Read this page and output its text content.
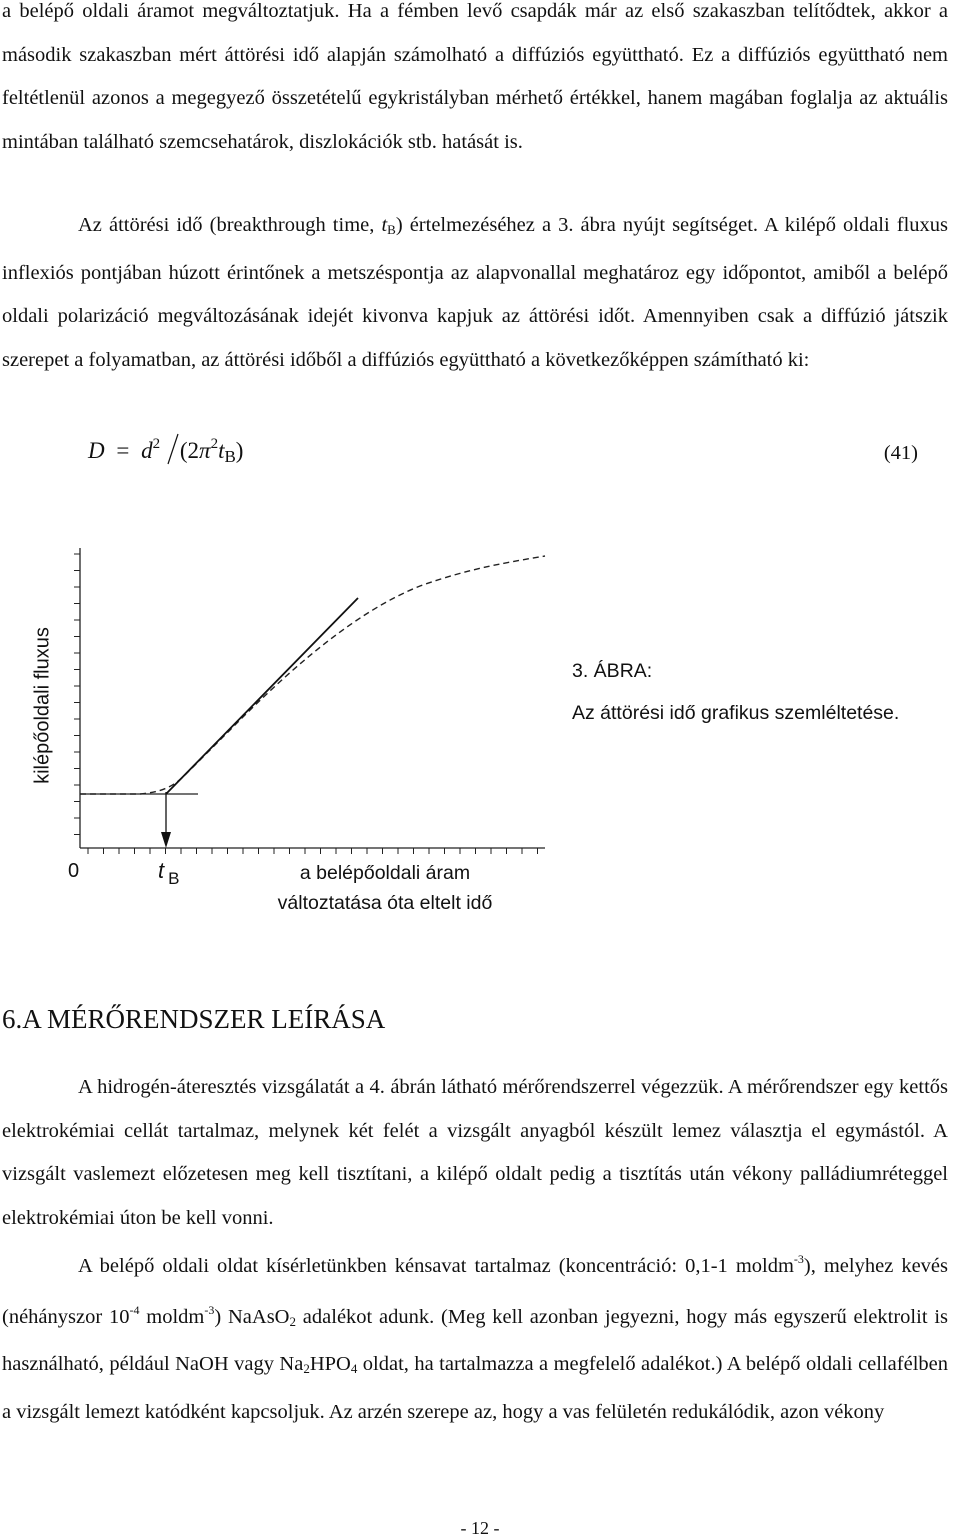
a belépő oldali áramot megváltoztatjuk. Ha a fémben levő csapdák már az első szakaszban telítődtek, akkor a második szakaszban mért áttörési idő alapján számolható a diffúziós együttható. Ez a diffúziós együttható nem feltétlenül azonos a megegyező összetételű egykristályban mérhető értékkel, hanem magában foglalja az aktuális mintában található szemcsehatárok, diszlokációk stb. hatását is.

Az áttörési idő (breakthrough time, $t_B$) értelmezéséhez a 3. ábra nyújt segítséget. A kilépő oldali fluxus inflexiós pontjában húzott érintőnek a metszéspontja az alapvonallal meghatároz egy időpontot, amiből a belépő oldali polarizáció megváltozásának idejét kivonva kapjuk az áttörési időt. Amennyiben csak a diffúzió játszik szerepet a folyamatban, az áttörési időből a diffúziós együttható a következőképpen számítható ki:

$D = d^2$ $(2\pi^2t_B)$	(41)
kilépőoldali fluxus
0	t $_B$	a belépőoldali áram
változtatása óta eltelt idő
3. ÁBRA:
Az áttörési idő grafikus szemléltetése.
6.A MÉRŐRENDSZER LEÍRÁSA

A hidrogén-áteresztés vizsgálatát a 4. ábrán látható mérőrendszerrel végezzük. A mérőrendszer egy kettős elektrokémiai cellát tartalmaz, melynek két felét a vizsgált anyagból készült lemez választja el egymástól. A vizsgált vaslemezt előzetesen meg kell tisztítani, a kilépő oldalt pedig a tisztítás után vékony palládiumréteggel elektrokémiai úton be kell vonni.

A belépő oldali oldat kísérletünkben kénsavat tartalmaz (koncentráció: 0,1-1 moldm$^{-3}$), melyhez kevés (néhányszor $10^{-4}$ moldm$^{-3}$) NaAsO$_2$ adalékot adunk. (Meg kell azonban jegyezni, hogy más egyszerű elektrolit is használható, például NaOH vagy $Na_2HPO_4$ oldat, ha tartalmazza a megfelelő adalékot.) A belépő oldali cellafélben a vizsgált lemezt katódként kapcsoljuk. Az arzén szerepe az, hogy a vas felületén redukálódik, azon vékony

- 12 -
